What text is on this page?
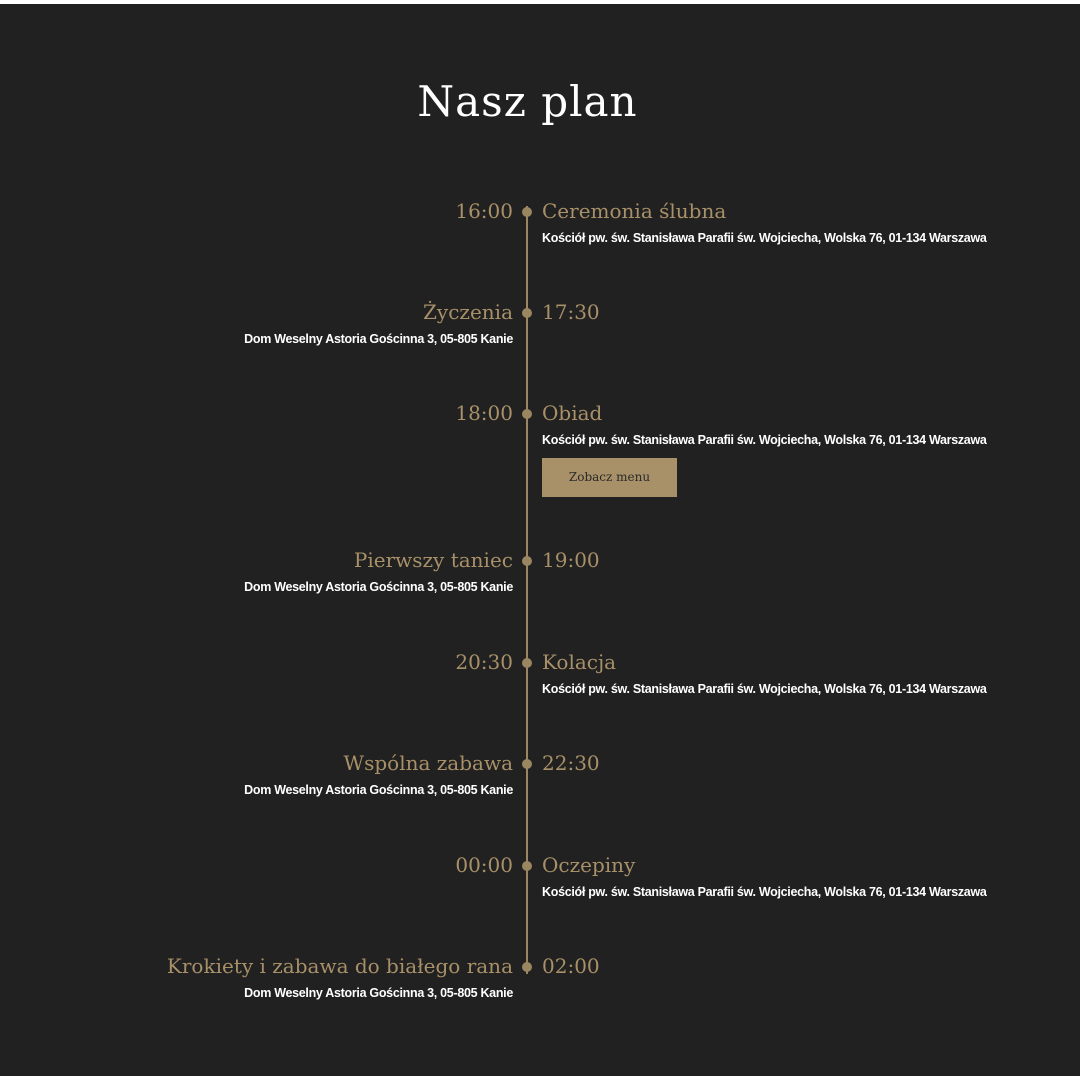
Nasz plan
16:00 Ceremonia ślubna
Kościół pw. św. Stanisława Parafii św. Wojciecha, Wolska 76, 01-134 Warszawa
Życzenia 17:30
Dom Weselny Astoria Gościnna 3, 05-805 Kanie
18:00 Obiad
Kościół pw. św. Stanisława Parafii św. Wojciecha, Wolska 76, 01-134 Warszawa
Zobacz menu
Pierwszy taniec 19:00
Dom Weselny Astoria Gościnna 3, 05-805 Kanie
20:30 Kolacja
Kościół pw. św. Stanisława Parafii św. Wojciecha, Wolska 76, 01-134 Warszawa
Wspólna zabawa 22:30
Dom Weselny Astoria Gościnna 3, 05-805 Kanie
00:00 Oczepiny
Kościół pw. św. Stanisława Parafii św. Wojciecha, Wolska 76, 01-134 Warszawa
Krokiety i zabawa do białego rana 02:00
Dom Weselny Astoria Gościnna 3, 05-805 Kanie
